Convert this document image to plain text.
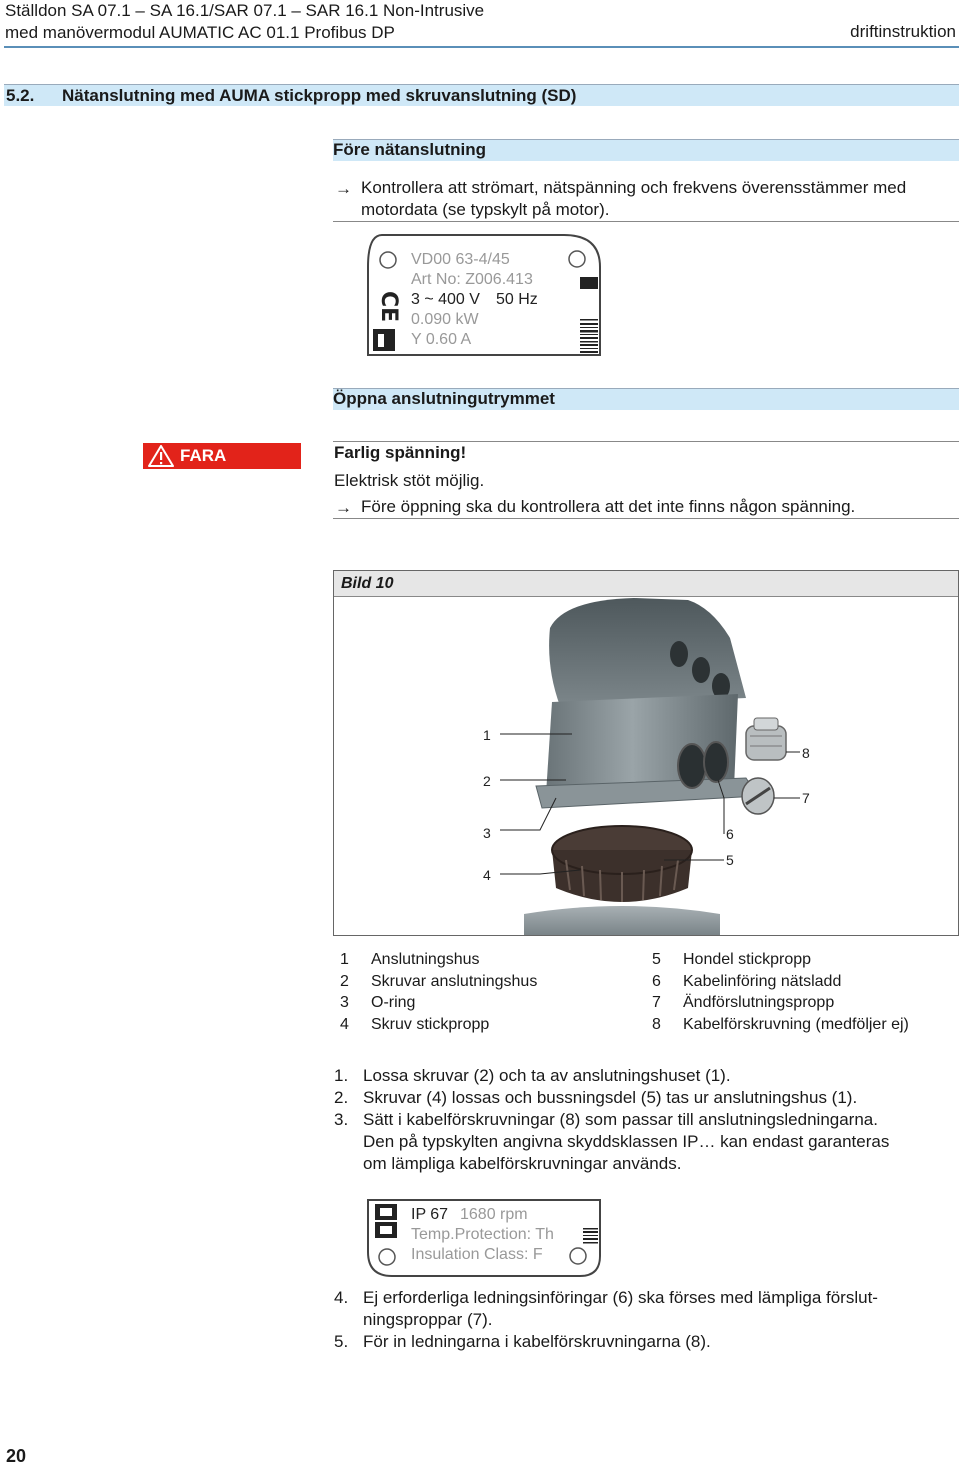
Ställdon SA 07.1 – SA 16.1/SAR 07.1 – SAR 16.1 Non-Intrusive
med manövermodul AUMATIC AC 01.1 Profibus DP	driftinstruktion
5.2. Nätanslutning med AUMA stickpropp med skruvanslutning (SD)
Före nätanslutning
→ Kontrollera att strömart, nätspänning och frekvens överensstämmer med
motordata (se typskylt på motor).
CE
VD00 63-4/45
Art No: Z006.413
3 ~ 400 V 50 Hz
0.090 kW
Y 0.60 A
Öppna anslutningutrymmet
FARA	Farlig spänning!
Elektrisk stöt möjlig.
→ Före öppning ska du kontrollera att det inte finns någon spänning.
Bild 10
1
2
3
4
5
6
7
8
1 Anslutningshus
2 Skruvar anslutningshus
3 O-ring
4 Skruv stickpropp
5 Hondel stickpropp
6 Kabelinföring nätsladd
7 Ändförslutningspropp
8 Kabelförskruvning (medföljer ej)
1. Lossa skruvar (2) och ta av anslutningshuset (1).
2. Skruvar (4) lossas och bussningsdel (5) tas ur anslutningshus (1).
3. Sätt i kabelförskruvningar (8) som passar till anslutningsledningarna.
Den på typskylten angivna skyddsklassen IP… kan endast garanteras
om lämpliga kabelförskruvningar används.
IP 67 1680 rpm
Temp.Protection: Th
Insulation Class: F
4. Ej erforderliga ledningsinföringar (6) ska förses med lämpliga förslut-
ningsproppar (7).
5. För in ledningarna i kabelförskruvningarna (8).
20
